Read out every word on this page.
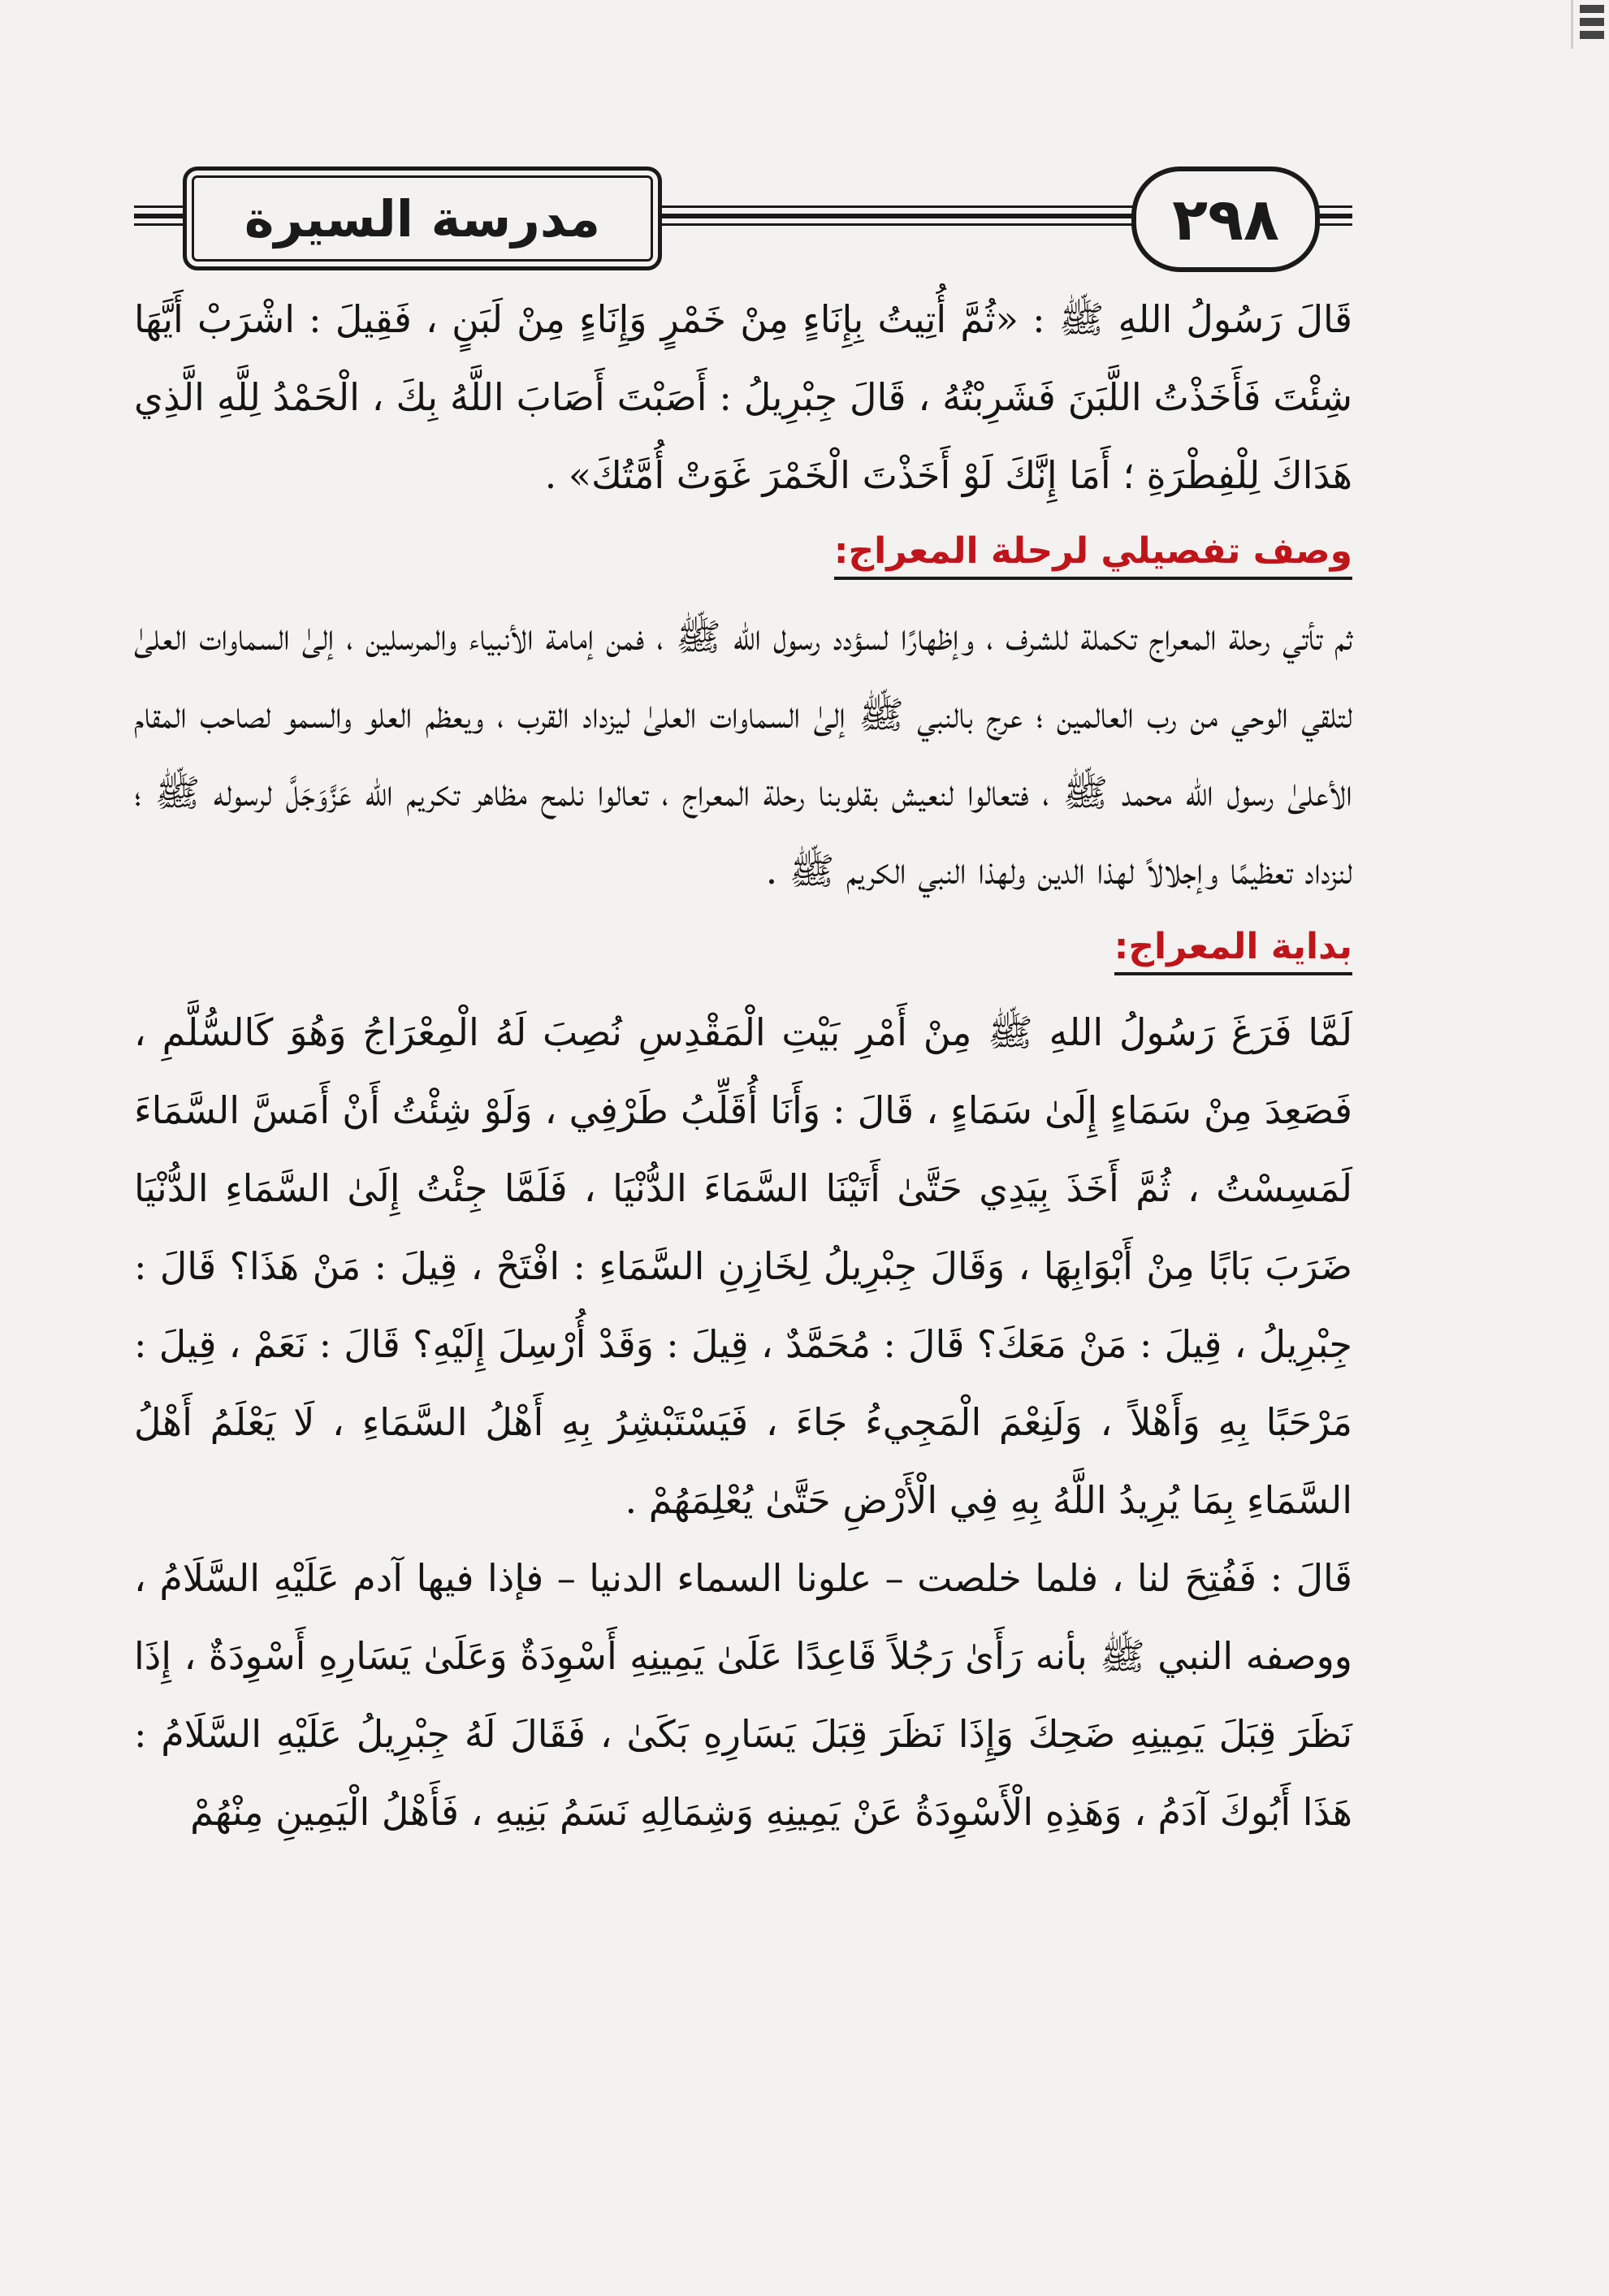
مدرسة السيرة	٢٩٨

قَالَ رَسُولُ اللهِ ﷺ : «ثُمَّ أُتِيتُ بِإِنَاءٍ مِنْ خَمْرٍ وَإِنَاءٍ مِنْ لَبَنٍ ، فَقِيلَ : اشْرَبْ أَيَّهَا شِئْتَ فَأَخَذْتُ اللَّبَنَ فَشَرِبْتُهُ ، قَالَ جِبْرِيلُ : أَصَبْتَ أَصَابَ اللَّهُ بِكَ ، الْحَمْدُ لِلَّهِ الَّذِي هَدَاكَ لِلْفِطْرَةِ ؛ أَمَا إِنَّكَ لَوْ أَخَذْتَ الْخَمْرَ غَوَتْ أُمَّتُكَ» .

وصف تفصيلي لرحلة المعراج:

ثم تأتي رحلة المعراج تكملة للشرف ، وإظهارًا لسؤدد رسول الله ﷺ ، فمن إمامة الأنبياء والمرسلين ، إلىٰ السماوات العلىٰ لتلقي الوحي من رب العالمين ؛ عرج بالنبي ﷺ إلىٰ السماوات العلىٰ ليزداد القرب ، ويعظم العلو والسمو لصاحب المقام الأعلىٰ رسول الله محمد ﷺ ، فتعالوا لنعيش بقلوبنا رحلة المعراج ، تعالوا نلمح مظاهر تكريم الله عَزَّوَجَلَّ لرسوله ﷺ ؛ لنزداد تعظيمًا وإجلالاً لهذا الدين ولهذا النبي الكريم ﷺ .

بداية المعراج:

لَمَّا فَرَغَ رَسُولُ اللهِ ﷺ مِنْ أَمْرِ بَيْتِ الْمَقْدِسِ نُصِبَ لَهُ الْمِعْرَاجُ وَهُوَ كَالسُّلَّمِ ، فَصَعِدَ مِنْ سَمَاءٍ إِلَىٰ سَمَاءٍ ، قَالَ : وَأَنَا أُقَلِّبُ طَرْفِي ، وَلَوْ شِئْتُ أَنْ أَمَسَّ السَّمَاءَ لَمَسِسْتُ ، ثُمَّ أَخَذَ بِيَدِي حَتَّىٰ أَتَيْنَا السَّمَاءَ الدُّنْيَا ، فَلَمَّا جِئْتُ إِلَىٰ السَّمَاءِ الدُّنْيَا ضَرَبَ بَابًا مِنْ أَبْوَابِهَا ، وَقَالَ جِبْرِيلُ لِخَازِنِ السَّمَاءِ : افْتَحْ ، قِيلَ : مَنْ هَذَا؟ قَالَ : جِبْرِيلُ ، قِيلَ : مَنْ مَعَكَ؟ قَالَ : مُحَمَّدٌ ، قِيلَ : وَقَدْ أُرْسِلَ إِلَيْهِ؟ قَالَ : نَعَمْ ، قِيلَ : مَرْحَبًا بِهِ وَأَهْلاً ، وَلَنِعْمَ الْمَجِيءُ جَاءَ ، فَيَسْتَبْشِرُ بِهِ أَهْلُ السَّمَاءِ ، لَا يَعْلَمُ أَهْلُ السَّمَاءِ بِمَا يُرِيدُ اللَّهُ بِهِ فِي الْأَرْضِ حَتَّىٰ يُعْلِمَهُمْ .

قَالَ : فَفُتِحَ لنا ، فلما خلصت – علونا السماء الدنيا – فإذا فيها آدم عَلَيْهِ السَّلَامُ ، ووصفه النبي ﷺ بأنه رَأَىٰ رَجُلاً قَاعِدًا عَلَىٰ يَمِينِهِ أَسْوِدَةٌ وَعَلَىٰ يَسَارِهِ أَسْوِدَةٌ ، إِذَا نَظَرَ قِبَلَ يَمِينِهِ ضَحِكَ وَإِذَا نَظَرَ قِبَلَ يَسَارِهِ بَكَىٰ ، فَقَالَ لَهُ جِبْرِيلُ عَلَيْهِ السَّلَامُ : هَذَا أَبُوكَ آدَمُ ، وَهَذِهِ الْأَسْوِدَةُ عَنْ يَمِينِهِ وَشِمَالِهِ نَسَمُ بَنِيهِ ، فَأَهْلُ الْيَمِينِ مِنْهُمْ
